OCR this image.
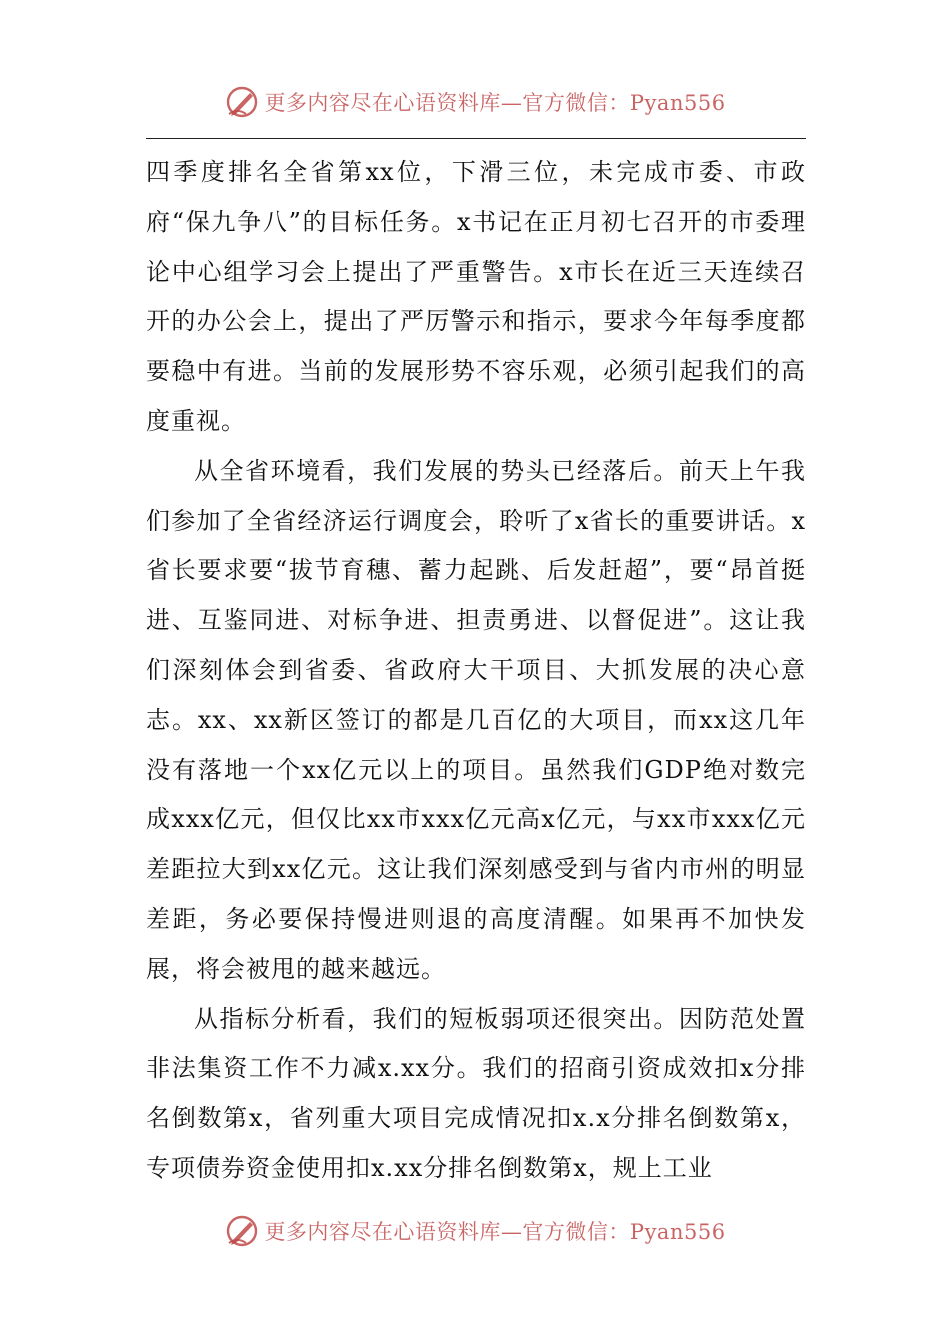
更多内容尽在心语资料库—官方微信：Pyan556

四季度排名全省第xx位，下滑三位，未完成市委、市政府“保九争八”的目标任务。x书记在正月初七召开的市委理论中心组学习会上提出了严重警告。x市长在近三天连续召开的办公会上，提出了严厉警示和指示，要求今年每季度都要稳中有进。当前的发展形势不容乐观，必须引起我们的高度重视。

从全省环境看，我们发展的势头已经落后。前天上午我们参加了全省经济运行调度会，聆听了x省长的重要讲话。x省长要求要“拔节育穗、蓄力起跳、后发赶超”，要“昂首挺进、互鉴同进、对标争进、担责勇进、以督促进”。这让我们深刻体会到省委、省政府大干项目、大抓发展的决心意志。xx、xx新区签订的都是几百亿的大项目，而xx这几年没有落地一个xx亿元以上的项目。虽然我们GDP绝对数完成xxx亿元，但仅比xx市xxx亿元高x亿元，与xx市xxx亿元差距拉大到xx亿元。这让我们深刻感受到与省内市州的明显差距，务必要保持慢进则退的高度清醒。如果再不加快发展，将会被甩的越来越远。

从指标分析看，我们的短板弱项还很突出。因防范处置非法集资工作不力减x.xx分。我们的招商引资成效扣x分排名倒数第x，省列重大项目完成情况扣x.x分排名倒数第x，专项债券资金使用扣x.xx分排名倒数第x，规上工业

更多内容尽在心语资料库—官方微信：Pyan556
